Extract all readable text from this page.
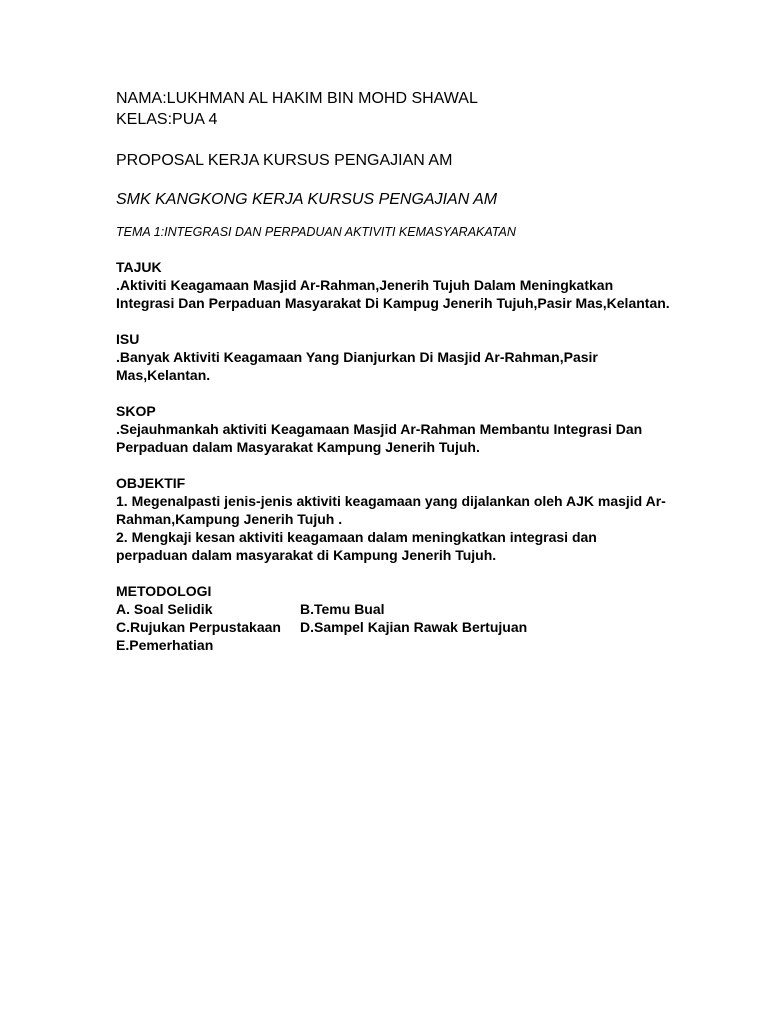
NAMA:LUKHMAN AL HAKIM BIN MOHD SHAWAL

KELAS:PUA 4

PROPOSAL KERJA KURSUS PENGAJIAN AM

SMK KANGKONG KERJA KURSUS PENGAJIAN AM

TEMA 1:INTEGRASI DAN PERPADUAN AKTIVITI KEMASYARAKATAN

TAJUK

.Aktiviti Keagamaan Masjid Ar-Rahman,Jenerih Tujuh Dalam Meningkatkan

Integrasi Dan Perpaduan Masyarakat Di Kampug Jenerih Tujuh,Pasir Mas,Kelantan.

ISU

.Banyak Aktiviti Keagamaan Yang Dianjurkan Di Masjid Ar-Rahman,Pasir

Mas,Kelantan.

SKOP

.Sejauhmankah aktiviti Keagamaan Masjid Ar-Rahman Membantu Integrasi Dan

Perpaduan dalam Masyarakat Kampung Jenerih Tujuh.

OBJEKTIF

1. Megenalpasti jenis-jenis aktiviti keagamaan yang dijalankan oleh AJK masjid Ar-

Rahman,Kampung Jenerih Tujuh .

2. Mengkaji kesan aktiviti keagamaan dalam meningkatkan integrasi dan

perpaduan dalam masyarakat di Kampung Jenerih Tujuh.

METODOLOGI

A. Soal Selidik	B.Temu Bual
C.Rujukan Perpustakaan	D.Sampel Kajian Rawak Bertujuan
E.Pemerhatian
